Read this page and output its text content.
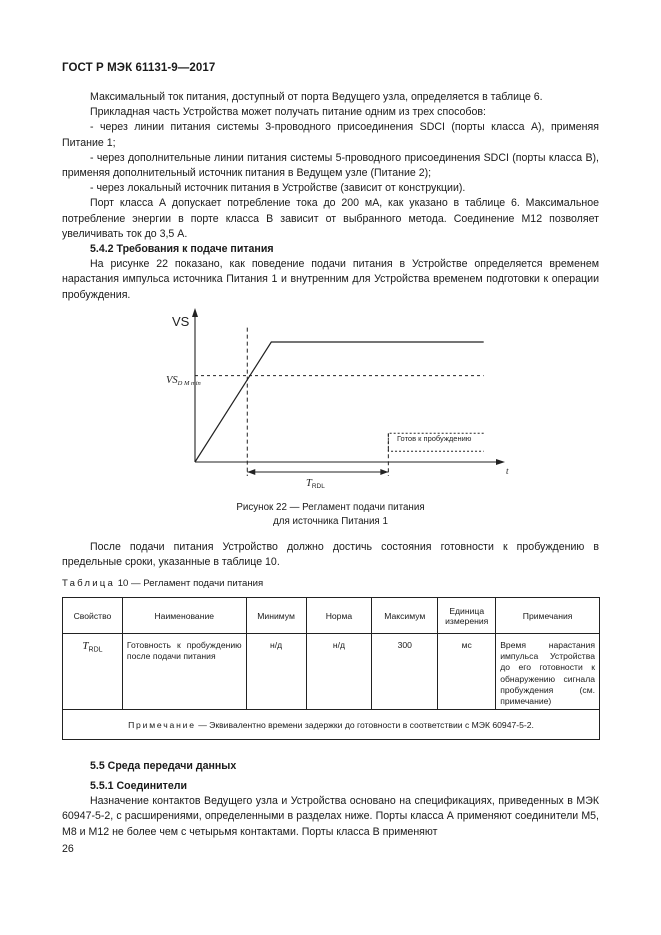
ГОСТ Р МЭК 61131-9—2017

Максимальный ток питания, доступный от порта Ведущего узла, определяется в таблице 6.

Прикладная часть Устройства может получать питание одним из трех способов:

- через линии питания системы 3-проводного присоединения SDCI (порты класса А), применяя Питание 1;

- через дополнительные линии питания системы 5-проводного присоединения SDCI (порты класса В), применяя дополнительный источник питания в Ведущем узле (Питание 2);

- через локальный источник питания в Устройстве (зависит от конструкции).

Порт класса А допускает потребление тока до 200 мА, как указано в таблице 6. Максимальное потребление энергии в порте класса В зависит от выбранного метода. Соединение М12 позволяет увеличивать ток до 3,5 А.

5.4.2 Требования к подаче питания

На рисунке 22 показано, как поведение подачи питания в Устройстве определяется временем нарастания импульса источника Питания 1 и внутренним для Устройства временем подготовки к операции пробуждения.

VS
t
VSD M min
Готов к пробуждению
TRDL
Рисунок 22 — Регламент подачи питания
для источника Питания 1

После подачи питания Устройство должно достичь состояния готовности к пробуждению в предельные сроки, указанные в таблице 10.

Таблица 10 — Регламент подачи питания
Свойство	Наименование	Минимум	Норма	Максимум	Единица измерения	Примечания
$T_{RDL}$	Готовность к пробуждению после подачи питания	н/д	н/д	300	мс	Время нарастания импульса Устройства до его готовности к обнаружению сигнала пробуждения (см. примечание)
Примечание — Эквивалентно времени задержки до готовности в соответствии с МЭК 60947-5-2.						

5.5 Среда передачи данных

5.5.1 Соединители

Назначение контактов Ведущего узла и Устройства основано на спецификациях, приведенных в МЭК 60947-5-2, с расширениями, определенными в разделах ниже. Порты класса А применяют соединители М5, М8 и М12 не более чем с четырьмя контактами. Порты класса В применяют

26
